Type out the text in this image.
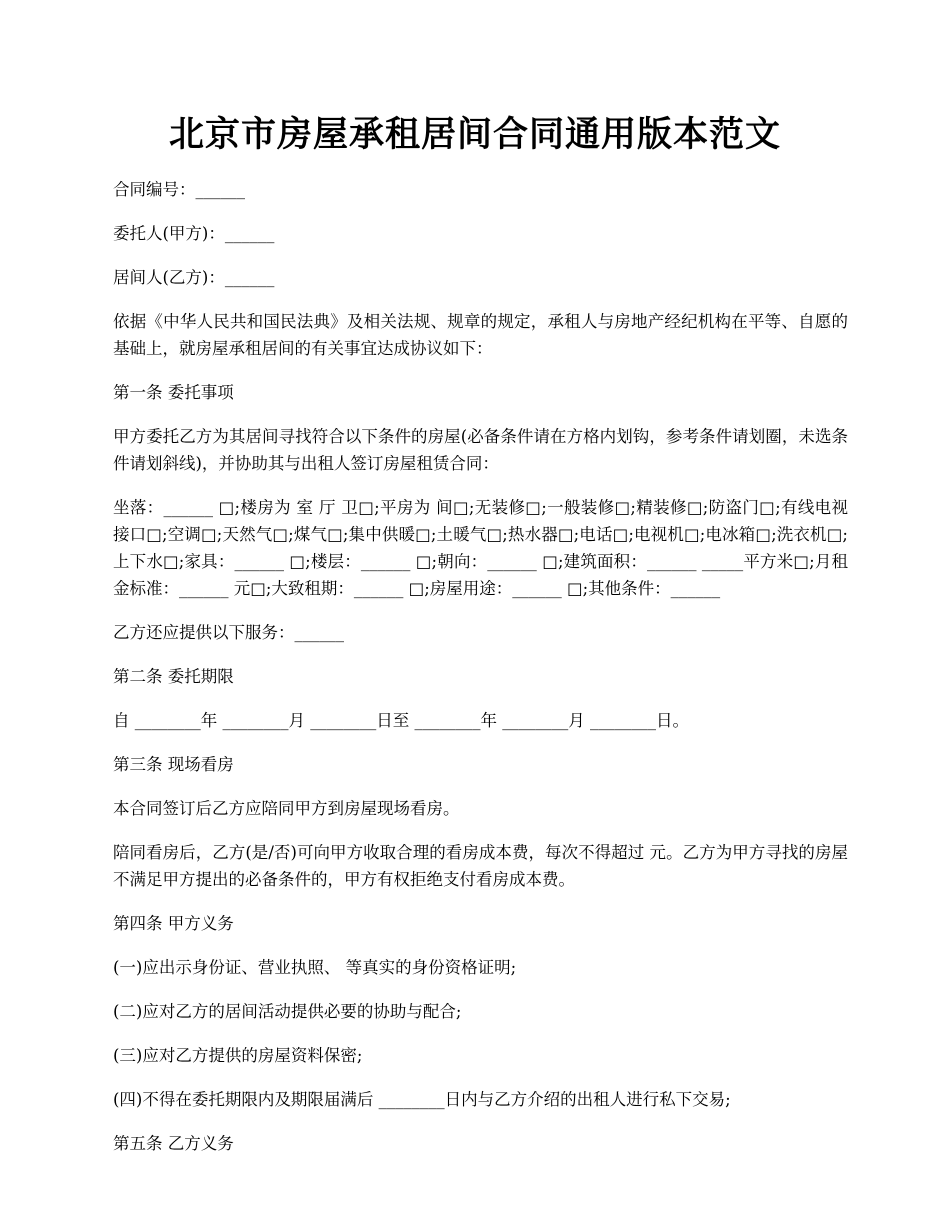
北京市房屋承租居间合同通用版本范文

合同编号：______

委托人(甲方)：______

居间人(乙方)：______

依据《中华人民共和国民法典》及相关法规、规章的规定，承租人与房地产经纪机构在平等、自愿的基础上，就房屋承租居间的有关事宜达成协议如下：

第一条 委托事项

甲方委托乙方为其居间寻找符合以下条件的房屋(必备条件请在方格内划钩，参考条件请划圈，未选条件请划斜线)，并协助其与出租人签订房屋租赁合同：

坐落：______ □;楼房为 室 厅 卫□;平房为 间□;无装修□;一般装修□;精装修□;防盗门□;有线电视接口□;空调□;天然气□;煤气□;集中供暖□;土暖气□;热水器□;电话□;电视机□;电冰箱□;洗衣机□;上下水□;家具：______ □;楼层：______ □;朝向：______ □;建筑面积：______ _____平方米□;月租金标准：______ 元□;大致租期：______ □;房屋用途：______ □;其他条件：______

乙方还应提供以下服务：______

第二条 委托期限

自 ________年 ________月 ________日至 ________年 ________月 ________日。

第三条 现场看房

本合同签订后乙方应陪同甲方到房屋现场看房。

陪同看房后，乙方(是/否)可向甲方收取合理的看房成本费，每次不得超过 元。乙方为甲方寻找的房屋不满足甲方提出的必备条件的，甲方有权拒绝支付看房成本费。

第四条 甲方义务

(一)应出示身份证、营业执照、 等真实的身份资格证明;

(二)应对乙方的居间活动提供必要的协助与配合;

(三)应对乙方提供的房屋资料保密;

(四)不得在委托期限内及期限届满后 ________日内与乙方介绍的出租人进行私下交易;

第五条 乙方义务
